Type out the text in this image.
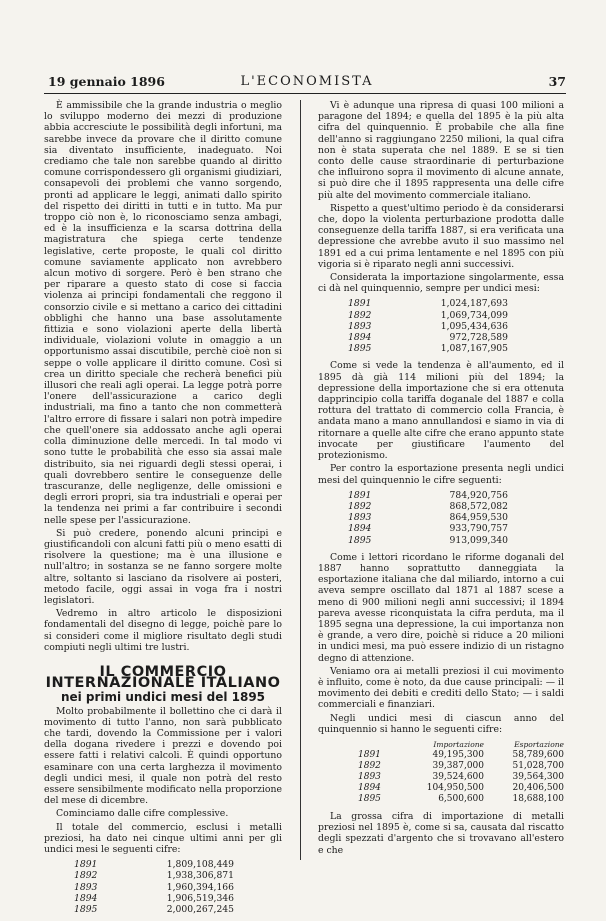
19 gennaio 1896	L'ECONOMISTA	37

È ammissibile che la grande industria o meglio lo sviluppo moderno dei mezzi di produzione abbia accresciute le possibilità degli infortuni, ma sarebbe invece da provare che il diritto comune sia diventato insufficiente, inadeguato. Noi crediamo che tale non sarebbe quando al diritto comune corrispondessero gli organismi giudiziari, consapevoli dei problemi che vanno sorgendo, pronti ad applicare le leggi, animati dallo spirito del rispetto dei diritti in tutti e in tutto. Ma pur troppo ciò non è, lo riconosciamo senza ambagi, ed è la insufficienza e la scarsa dottrina della magistratura che spiega certe tendenze legislative, certe proposte, le quali col diritto comune saviamente applicato non avrebbero alcun motivo di sorgere. Però è ben strano che per riparare a questo stato di cose si faccia violenza ai principi fondamentali che reggono il consorzio civile e si mettano a carico dei cittadini obblighi che hanno una base assolutamente fittizia e sono violazioni aperte della libertà individuale, violazioni volute in omaggio a un opportunismo assai discutibile, perchè cioè non si seppe o volle applicare il diritto comune. Così si crea un diritto speciale che recherà benefici più illusori che reali agli operai. La legge potrà porre l'onere dell'assicurazione a carico degli industriali, ma fino a tanto che non commetterà l'altro errore di fissare i salari non potrà impedire che quell'onere sia addossato anche agli operai colla diminuzione delle mercedi. In tal modo vi sono tutte le probabilità che esso sia assai male distribuito, sia nei riguardi degli stessi operai, i quali dovrebbero sentire le conseguenze delle trascuranze, delle negligenze, delle omissioni e degli errori propri, sia tra industriali e operai per la tendenza nei primi a far contribuire i secondi nelle spese per l'assicurazione.

Si può credere, ponendo alcuni principi e giustificandoli con alcuni fatti più o meno esatti di risolvere la questione; ma è una illusione e null'altro; in sostanza se ne fanno sorgere molte altre, soltanto si lasciano da risolvere ai posteri, metodo facile, oggi assai in voga fra i nostri legislatori.

Vedremo in altro articolo le disposizioni fondamentali del disegno di legge, poichè pare lo si consideri come il migliore risultato degli studi compiuti negli ultimi tre lustri.

IL COMMERCIO INTERNAZIONALE ITALIANO
nei primi undici mesi del 1895

Molto probabilmente il bollettino che ci darà il movimento di tutto l'anno, non sarà pubblicato che tardi, dovendo la Commissione per i valori della dogana rivedere i prezzi e dovendo poi essere fatti i relativi calcoli. È quindi opportuno esaminare con una certa larghezza il movimento degli undici mesi, il quale non potrà del resto essere sensibilmente modificato nella proporzione del mese di dicembre.

Cominciamo dalle cifre complessive.

Il totale del commercio, esclusi i metalli preziosi, ha dato nei cinque ultimi anni per gli undici mesi le seguenti cifre:

1891	1,809,108,449
1892	1,938,306,871
1893	1,960,394,166
1894	1,906,519,346
1895	2,000,267,245

Vi è adunque una ripresa di quasi 100 milioni a paragone del 1894; e quella del 1895 è la più alta cifra del quinquennio. È probabile che alla fine dell'anno si raggiungano 2250 milioni, la qual cifra non è stata superata che nel 1889. E se si tien conto delle cause straordinarie di perturbazione che influirono sopra il movimento di alcune annate, si può dire che il 1895 rappresenta una delle cifre più alte del movimento commerciale italiano.

Rispetto a quest'ultimo periodo è da considerarsi che, dopo la violenta perturbazione prodotta dalle conseguenze della tariffa 1887, si era verificata una depressione che avrebbe avuto il suo massimo nel 1891 ed a cui prima lentamente e nel 1895 con più vigoria si è riparato negli anni successivi.

Considerata la importazione singolarmente, essa ci dà nel quinquennio, sempre per undici mesi:

1891	1,024,187,693
1892	1,069,734,099
1893	1,095,434,636
1894	972,728,589
1895	1,087,167,905

Come si vede la tendenza è all'aumento, ed il 1895 dà già 114 milioni più del 1894; la depressione della importazione che si era ottenuta dapprincipio colla tariffa doganale del 1887 e colla rottura del trattato di commercio colla Francia, è andata mano a mano annullandosi e siamo in via di ritornare a quelle alte cifre che erano appunto state invocate per giustificare l'aumento del protezionismo.

Per contro la esportazione presenta negli undici mesi del quinquennio le cifre seguenti:

1891	784,920,756
1892	868,572,082
1893	864,959,530
1894	933,790,757
1895	913,099,340

Come i lettori ricordano le riforme doganali del 1887 hanno soprattutto danneggiata la esportazione italiana che dal miliardo, intorno a cui aveva sempre oscillato dal 1871 al 1887 scese a meno di 900 milioni negli anni successivi; il 1894 pareva avesse riconquistata la cifra perduta, ma il 1895 segna una depressione, la cui importanza non è grande, a vero dire, poichè si riduce a 20 milioni in undici mesi, ma può essere indizio di un ristagno degno di attenzione.

Veniamo ora ai metalli preziosi il cui movimento è influito, come è noto, da due cause principali: — il movimento dei debiti e crediti dello Stato; — i saldi commerciali e finanziari.

Negli undici mesi di ciascun anno del quinquennio si hanno le seguenti cifre:

Importazione	Esportazione
1891	49,195,300	58,789,600
1892	39,387,000	51,028,700
1893	39,524,600	39,564,300
1894	104,950,500	20,406,500
1895	6,500,600	18,688,100

La grossa cifra di importazione di metalli preziosi nel 1895 è, come si sa, causata dal riscatto degli spezzati d'argento che si trovavano all'estero e che
